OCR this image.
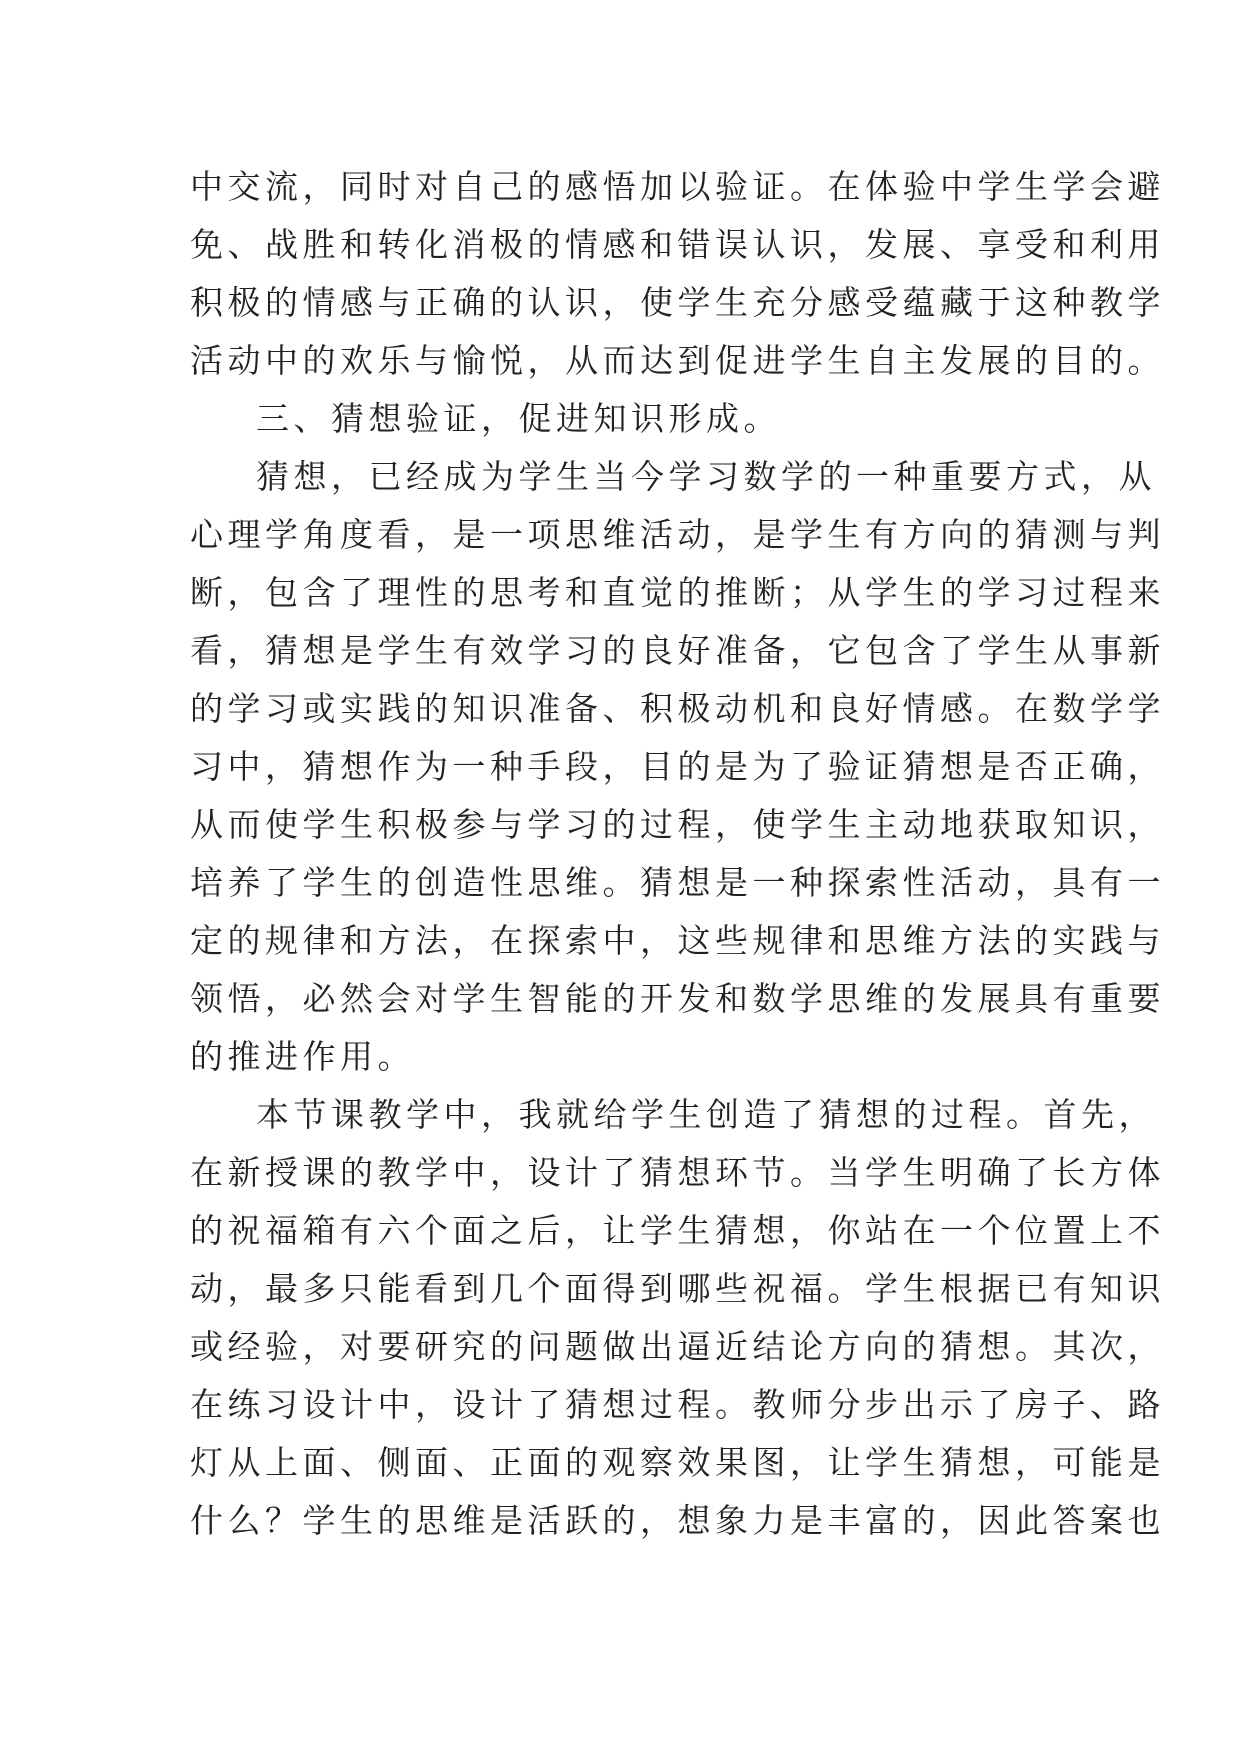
中交流，同时对自己的感悟加以验证。在体验中学生学会避
免、战胜和转化消极的情感和错误认识，发展、享受和利用
积极的情感与正确的认识，使学生充分感受蕴藏于这种教学
活动中的欢乐与愉悦，从而达到促进学生自主发展的目的。
三、猜想验证，促进知识形成。
猜想，已经成为学生当今学习数学的一种重要方式，从
心理学角度看，是一项思维活动，是学生有方向的猜测与判
断，包含了理性的思考和直觉的推断；从学生的学习过程来
看，猜想是学生有效学习的良好准备，它包含了学生从事新
的学习或实践的知识准备、积极动机和良好情感。在数学学
习中，猜想作为一种手段，目的是为了验证猜想是否正确，
从而使学生积极参与学习的过程，使学生主动地获取知识，
培养了学生的创造性思维。猜想是一种探索性活动，具有一
定的规律和方法，在探索中，这些规律和思维方法的实践与
领悟，必然会对学生智能的开发和数学思维的发展具有重要
的推进作用。
本节课教学中，我就给学生创造了猜想的过程。首先，
在新授课的教学中，设计了猜想环节。当学生明确了长方体
的祝福箱有六个面之后，让学生猜想，你站在一个位置上不
动，最多只能看到几个面得到哪些祝福。学生根据已有知识
或经验，对要研究的问题做出逼近结论方向的猜想。其次，
在练习设计中，设计了猜想过程。教师分步出示了房子、路
灯从上面、侧面、正面的观察效果图，让学生猜想，可能是
什么？学生的思维是活跃的，想象力是丰富的，因此答案也
